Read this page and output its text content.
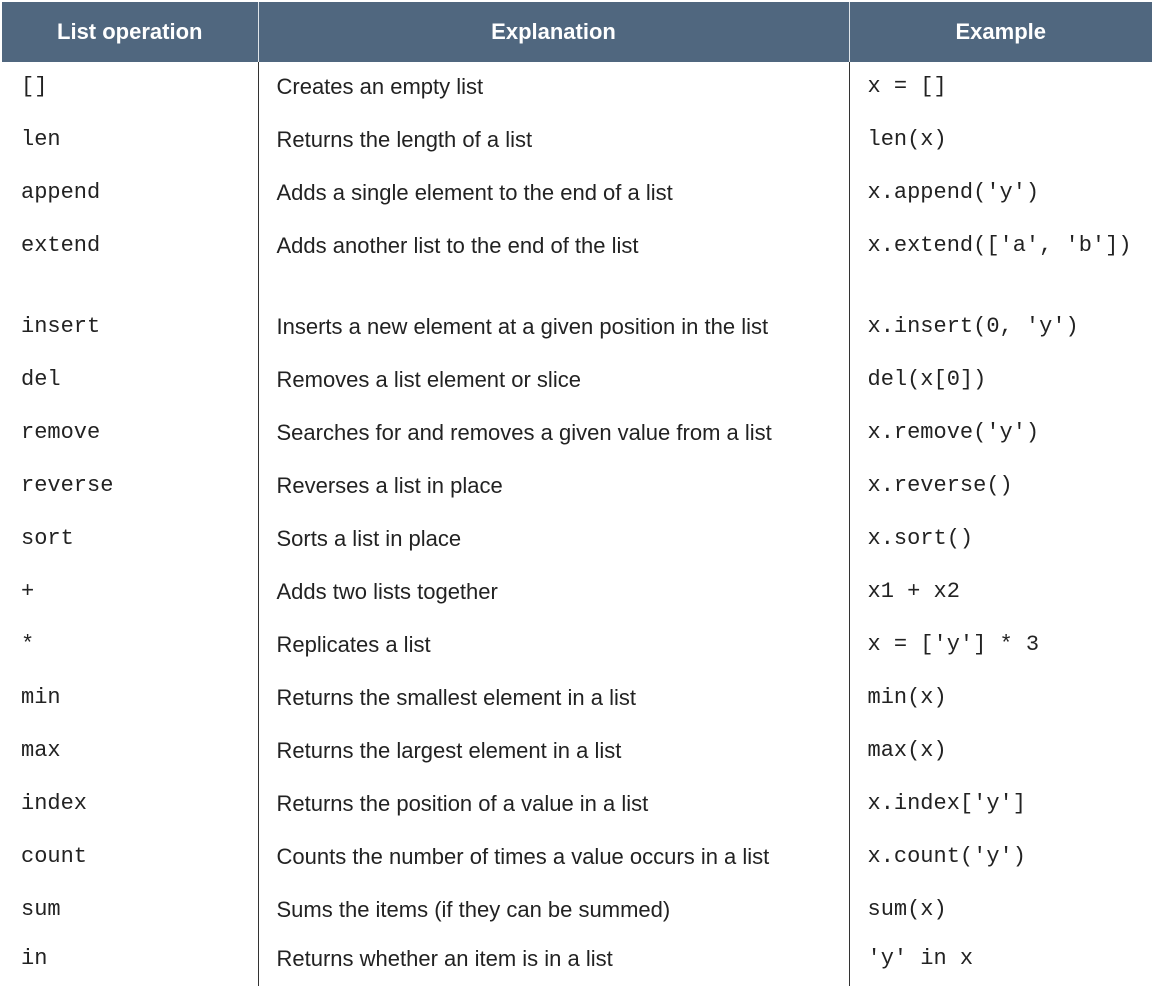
List operation	Explanation	Example
[]	Creates an empty list	x = []
len	Returns the length of a list	len(x)
append	Adds a single element to the end of a list	x.append('y')
extend	Adds another list to the end of the list	x.extend(['a', 'b'])
insert	Inserts a new element at a given position in the list	x.insert(0, 'y')
del	Removes a list element or slice	del(x[0])
remove	Searches for and removes a given value from a list	x.remove('y')
reverse	Reverses a list in place	x.reverse()
sort	Sorts a list in place	x.sort()
+	Adds two lists together	x1 + x2
*	Replicates a list	x = ['y'] * 3
min	Returns the smallest element in a list	min(x)
max	Returns the largest element in a list	max(x)
index	Returns the position of a value in a list	x.index['y']
count	Counts the number of times a value occurs in a list	x.count('y')
sum	Sums the items (if they can be summed)	sum(x)
in	Returns whether an item is in a list	'y' in x
